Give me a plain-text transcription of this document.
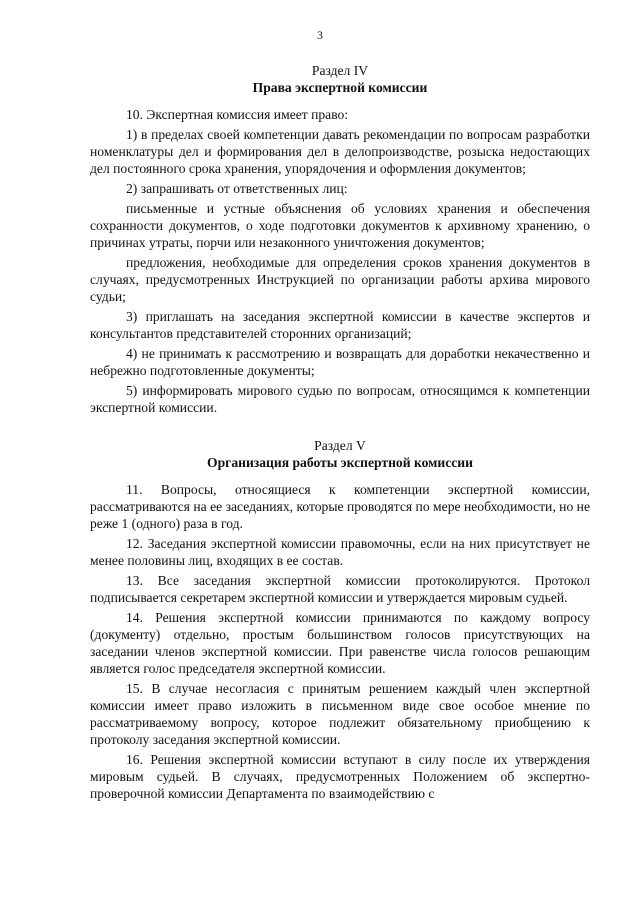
3

Раздел IV

Права экспертной комиссии

10. Экспертная комиссия имеет право:

1) в пределах своей компетенции давать рекомендации по вопросам разработки номенклатуры дел и формирования дел в делопроизводстве, розыска недостающих дел постоянного срока хранения, упорядочения и оформления документов;

2) запрашивать от ответственных лиц:

письменные и устные объяснения об условиях хранения и обеспечения сохранности документов, о ходе подготовки документов к архивному хранению, о причинах утраты, порчи или незаконного уничтожения документов;

предложения, необходимые для определения сроков хранения документов в случаях, предусмотренных Инструкцией по организации работы архива мирового судьи;

3) приглашать на заседания экспертной комиссии в качестве экспертов и консультантов представителей сторонних организаций;

4) не принимать к рассмотрению и возвращать для доработки некачественно и небрежно подготовленные документы;

5) информировать мирового судью по вопросам, относящимся к компетенции экспертной комиссии.

Раздел V

Организация работы экспертной комиссии

11. Вопросы, относящиеся к компетенции экспертной комиссии, рассматриваются на ее заседаниях, которые проводятся по мере необходимости, но не реже 1 (одного) раза в год.

12. Заседания экспертной комиссии правомочны, если на них присутствует не менее половины лиц, входящих в ее состав.

13. Все заседания экспертной комиссии протоколируются. Протокол подписывается секретарем экспертной комиссии и утверждается мировым судьей.

14. Решения экспертной комиссии принимаются по каждому вопросу (документу) отдельно, простым большинством голосов присутствующих на заседании членов экспертной комиссии. При равенстве числа голосов решающим является голос председателя экспертной комиссии.

15. В случае несогласия с принятым решением каждый член экспертной комиссии имеет право изложить в письменном виде свое особое мнение по рассматриваемому вопросу, которое подлежит обязательному приобщению к протоколу заседания экспертной комиссии.

16. Решения экспертной комиссии вступают в силу после их утверждения мировым судьей. В случаях, предусмотренных Положением об экспертно-проверочной комиссии Департамента по взаимодействию с
